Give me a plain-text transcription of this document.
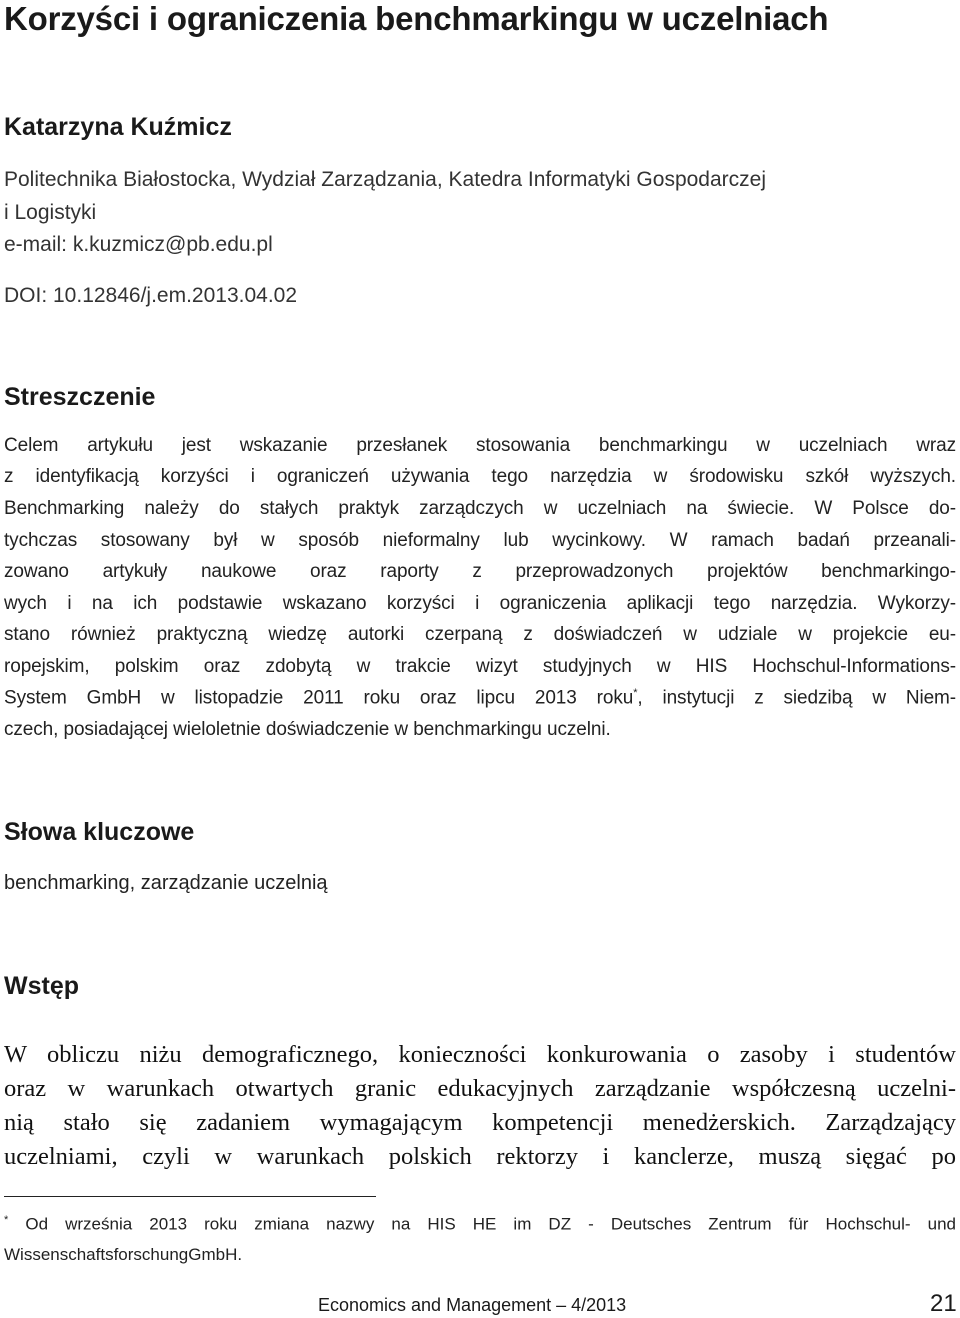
Korzyści i ograniczenia benchmarkingu w uczelniach
Katarzyna Kuźmicz
Politechnika Białostocka, Wydział Zarządzania, Katedra Informatyki Gospodarczej
i Logistyki
e-mail: k.kuzmicz@pb.edu.pl
DOI: 10.12846/j.em.2013.04.02
Streszczenie
Celem artykułu jest wskazanie przesłanek stosowania benchmarkingu w uczelniach wraz
z identyfikacją korzyści i ograniczeń używania tego narzędzia w środowisku szkół wyższych.
Benchmarking należy do stałych praktyk zarządczych w uczelniach na świecie. W Polsce do-
tychczas stosowany był w sposób nieformalny lub wycinkowy. W ramach badań przeanali-
zowano artykuły naukowe oraz raporty z przeprowadzonych projektów benchmarkingo-
wych i na ich podstawie wskazano korzyści i ograniczenia aplikacji tego narzędzia. Wykorzy-
stano również praktyczną wiedzę autorki czerpaną z doświadczeń w udziale w projekcie eu-
ropejskim, polskim oraz zdobytą w trakcie wizyt studyjnych w HIS Hochschul-Informations-
System GmbH w listopadzie 2011 roku oraz lipcu 2013 roku*, instytucji z siedzibą w Niem-
czech, posiadającej wieloletnie doświadczenie w benchmarkingu uczelni.
Słowa kluczowe
benchmarking, zarządzanie uczelnią
Wstęp
W obliczu niżu demograficznego, konieczności konkurowania o zasoby i studentów
oraz w warunkach otwartych granic edukacyjnych zarządzanie współczesną uczelni-
nią stało się zadaniem wymagającym kompetencji menedżerskich. Zarządzający
uczelniami, czyli w warunkach polskich rektorzy i kanclerze, muszą sięgać po
* Od września 2013 roku zmiana nazwy na HIS HE im DZ - Deutsches Zentrum für Hochschul- und
WissenschaftsforschungGmbH.
Economics and Management – 4/2013	21
